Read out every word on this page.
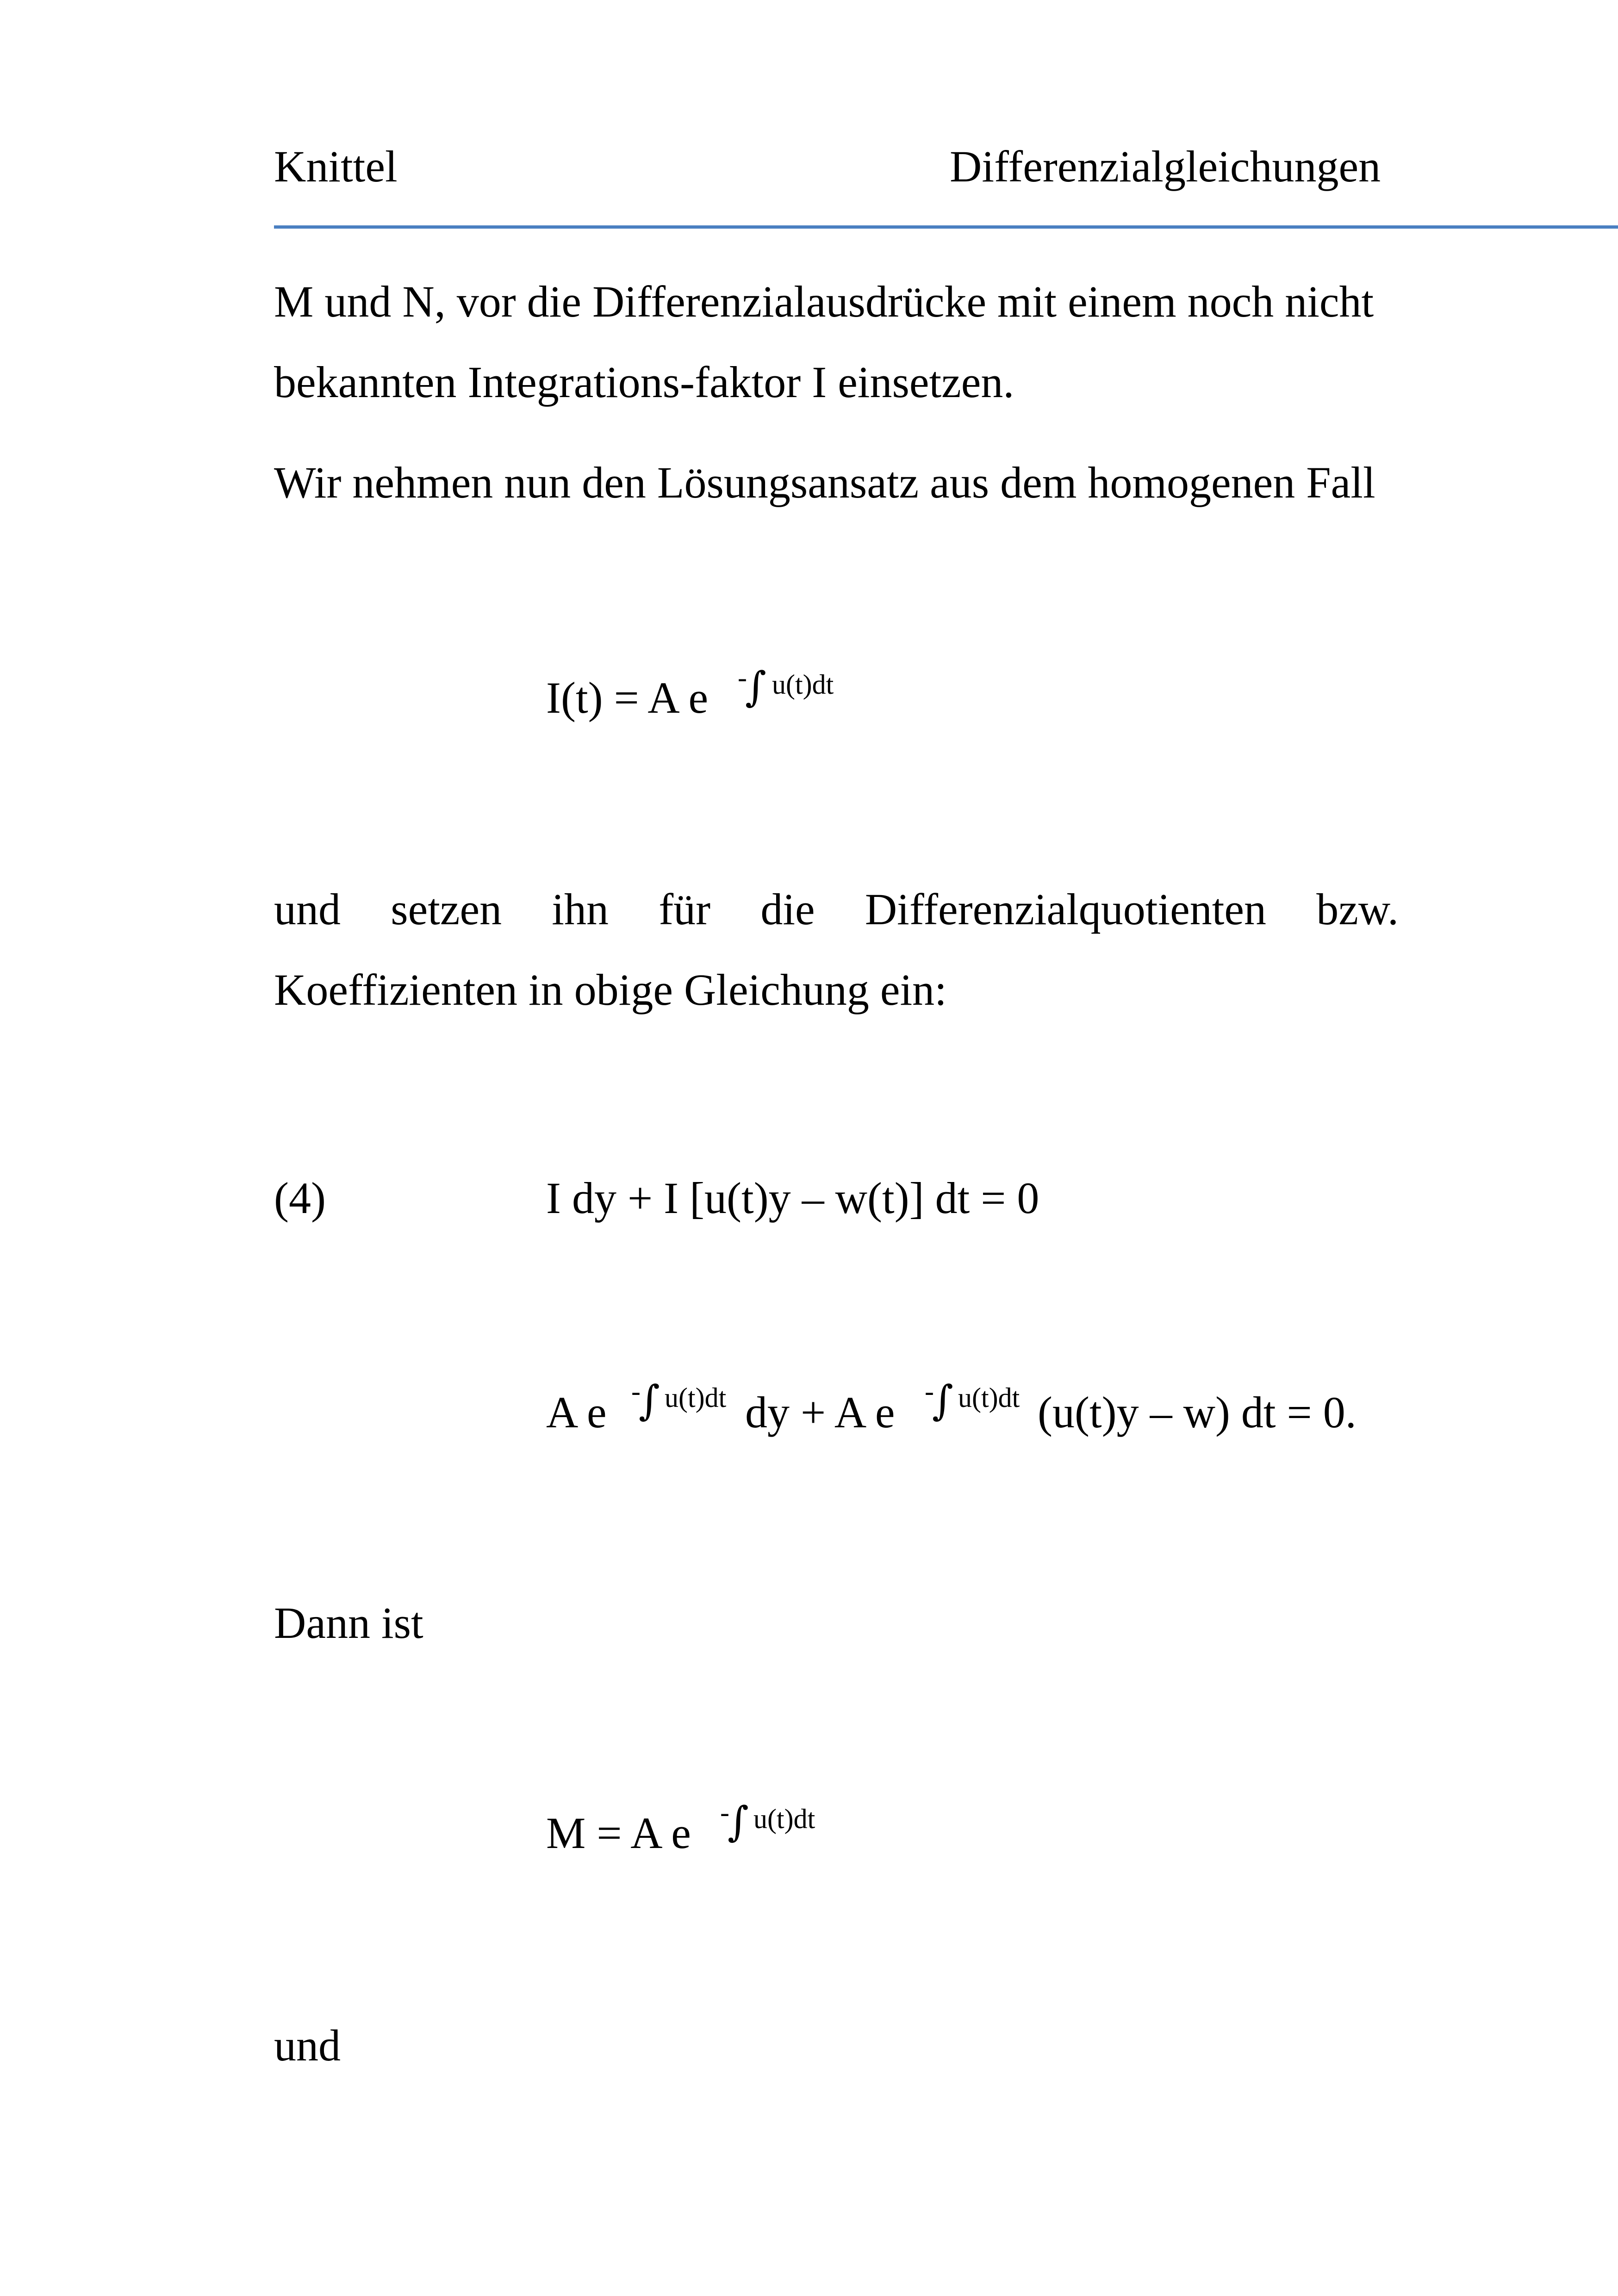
Knittel	Differenzialgleichungen
M und N, vor die Differenzialausdrücke mit einem noch nicht
bekannten Integrations-faktor I einsetzen.
Wir nehmen nun den Lösungsansatz aus dem homogenen Fall
I(t) = A e -
∫ u(t)dt
und setzen ihn für die Differenzialquotienten bzw.
Koeffizienten in obige Gleichung ein:
(4)	I dy + I [u(t)y – w(t)] dt = 0
A e -
∫ u(t)dt dy + A e -
∫ u(t)dt (u(t)y – w) dt = 0.
Dann ist
M = A e -
∫ u(t)dt
und
